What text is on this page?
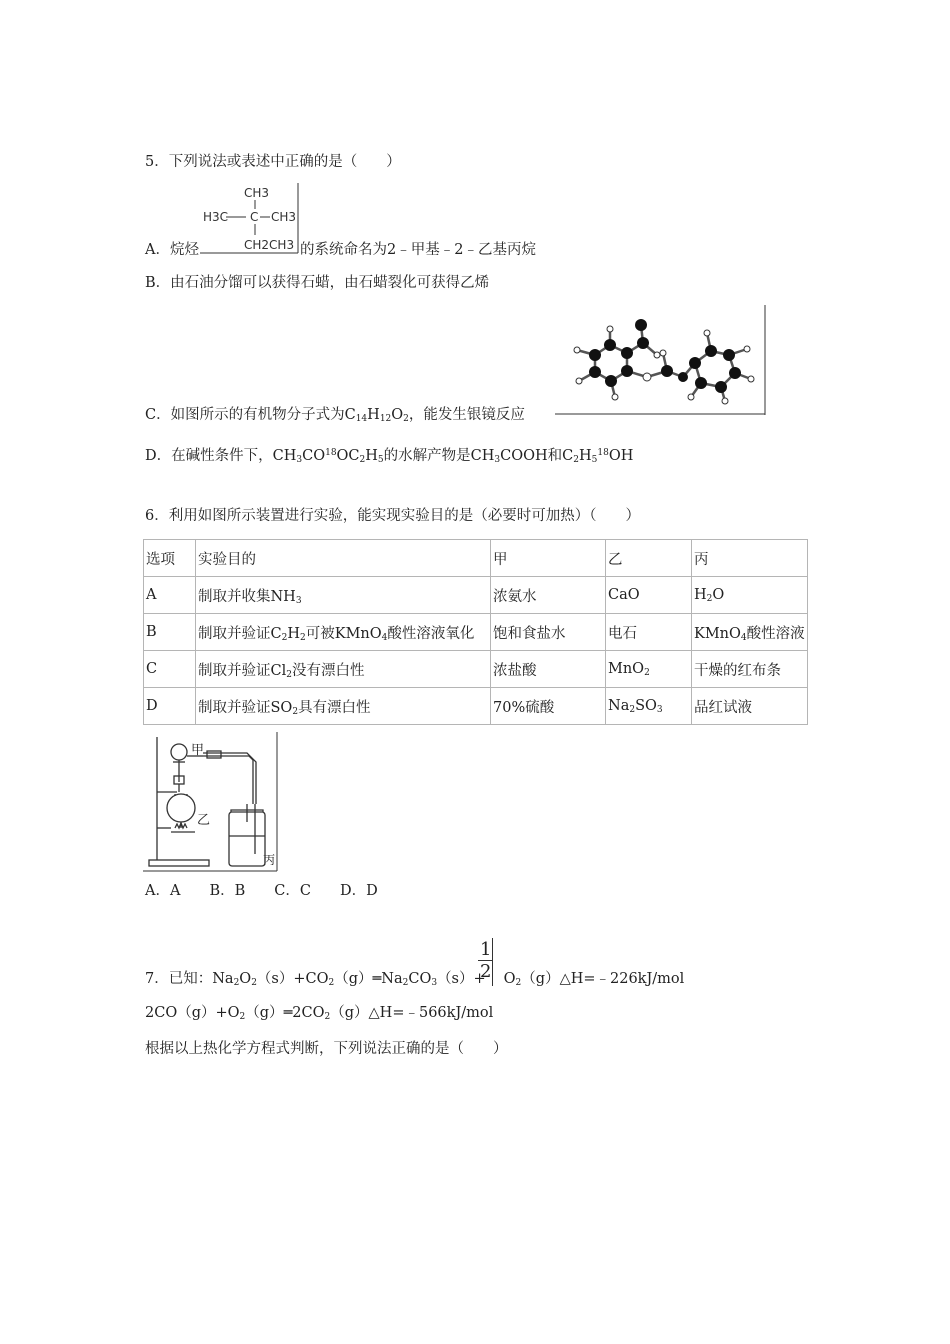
5．下列说法或表述中正确的是（　　）
CH3
H3C C CH3
CH2CH3
A．烷烃	的系统命名为2﹣甲基﹣2﹣乙基丙烷
B．由石油分馏可以获得石蜡，由石蜡裂化可获得乙烯
C．如图所示的有机物分子式为$C_{14}H_{12}O_2$，能发生银镜反应
D．在碱性条件下，$CH_3CO^{18}OC_2H_5$的水解产物是$CH_3COOH$和$C_2H_5^{18}OH$
6．利用如图所示装置进行实验，能实现实验目的是（必要时可加热）（　　）
选项	实验目的	甲	乙	丙
A	制取并收集$NH_3$	浓氨水	CaO	$H_2O$
B	制取并验证$C_2H_2$可被KMnO$_4$酸性溶液氧化	饱和食盐水	电石	KMnO$_4$酸性溶液
C	制取并验证$Cl_2$没有漂白性	浓盐酸	MnO$_2$	干燥的红布条
D	制取并验证$SO_2$具有漂白性	70%硫酸	$Na_2SO_3$	品红试液
甲
乙
丙
A．A　　B．B　　C．C　　D．D
1
2
7．已知：$Na_2O_2(s)+CO_2(g)═Na_2CO_3(s)+$ $O_2(g)\triangle H=﹣226kJ$/mol
$2CO(g)+O_2(g)═2CO_2(g)\triangle H=﹣566kJ$/mol
根据以上热化学方程式判断，下列说法正确的是（　　）
